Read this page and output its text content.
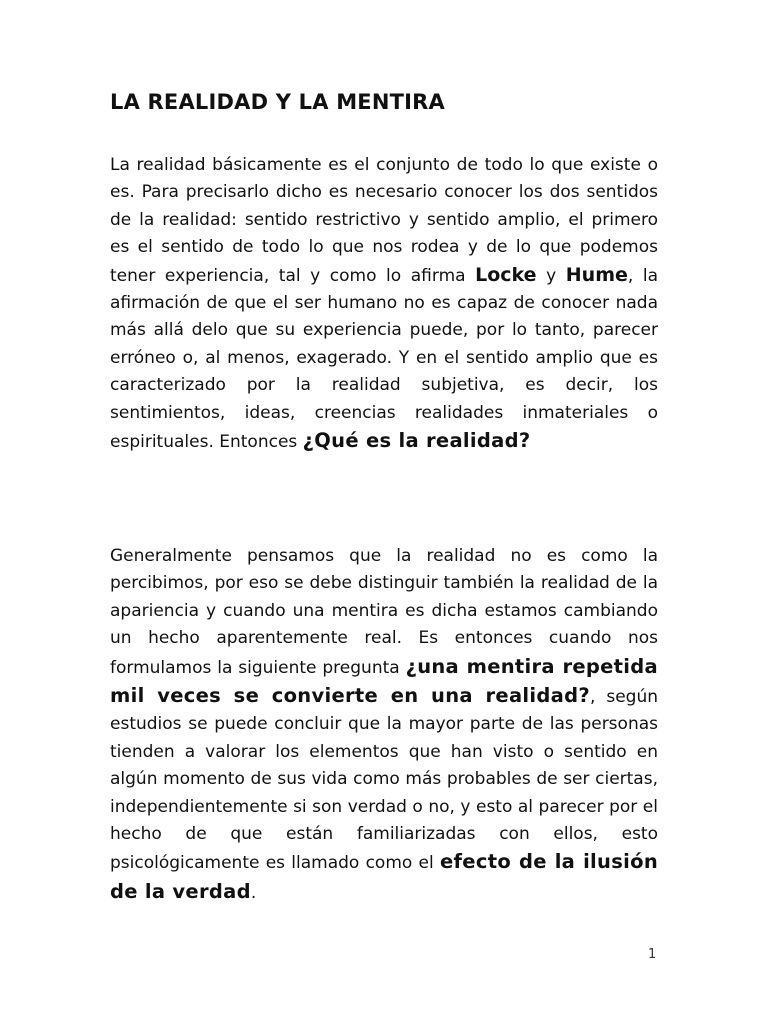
LA REALIDAD Y LA MENTIRA

La realidad básicamente es el conjunto de todo lo que existe o es. Para precisarlo dicho es necesario conocer los dos sentidos de la realidad: sentido restrictivo y sentido amplio, el primero es el sentido de todo lo que nos rodea y de lo que podemos tener experiencia, tal y como lo afirma Locke y Hume, la afirmación de que el ser humano no es capaz de conocer nada más allá delo que su experiencia puede, por lo tanto, parecer erróneo o, al menos, exagerado. Y en el sentido amplio que es caracterizado por la realidad subjetiva, es decir, los sentimientos, ideas, creencias realidades inmateriales o espirituales. Entonces ¿Qué es la realidad?

Generalmente pensamos que la realidad no es como la percibimos, por eso se debe distinguir también la realidad de la apariencia y cuando una mentira es dicha estamos cambiando un hecho aparentemente real. Es entonces cuando nos formulamos la siguiente pregunta ¿una mentira repetida mil veces se convierte en una realidad?, según estudios se puede concluir que la mayor parte de las personas tienden a valorar los elementos que han visto o sentido en algún momento de sus vida como más probables de ser ciertas, independientemente si son verdad o no, y esto al parecer por el hecho de que están familiarizadas con ellos, esto psicológicamente es llamado como el efecto de la ilusión de la verdad.

1
